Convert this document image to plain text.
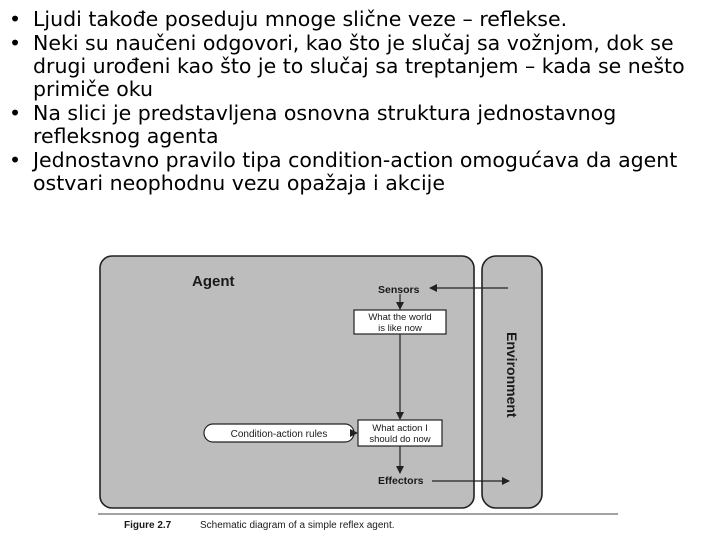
• Ljudi takođe poseduju mnoge slične veze – reflekse.
• Neki su naučeni odgovori, kao što je slučaj sa vožnjom, dok se drugi urođeni kao što je to slučaj sa treptanjem – kada se nešto primiče oku
• Na slici je predstavljena osnovna struktura jednostavnog refleksnog agenta
• Jednostavno pravilo tipa condition-action omogućava da agent ostvari neophodnu vezu opažaja i akcije
Agent
Environment
Sensors
What the world
is like now
Condition-action rules
What action I
should do now
Effectors
Figure 2.7	Schematic diagram of a simple reflex agent.
